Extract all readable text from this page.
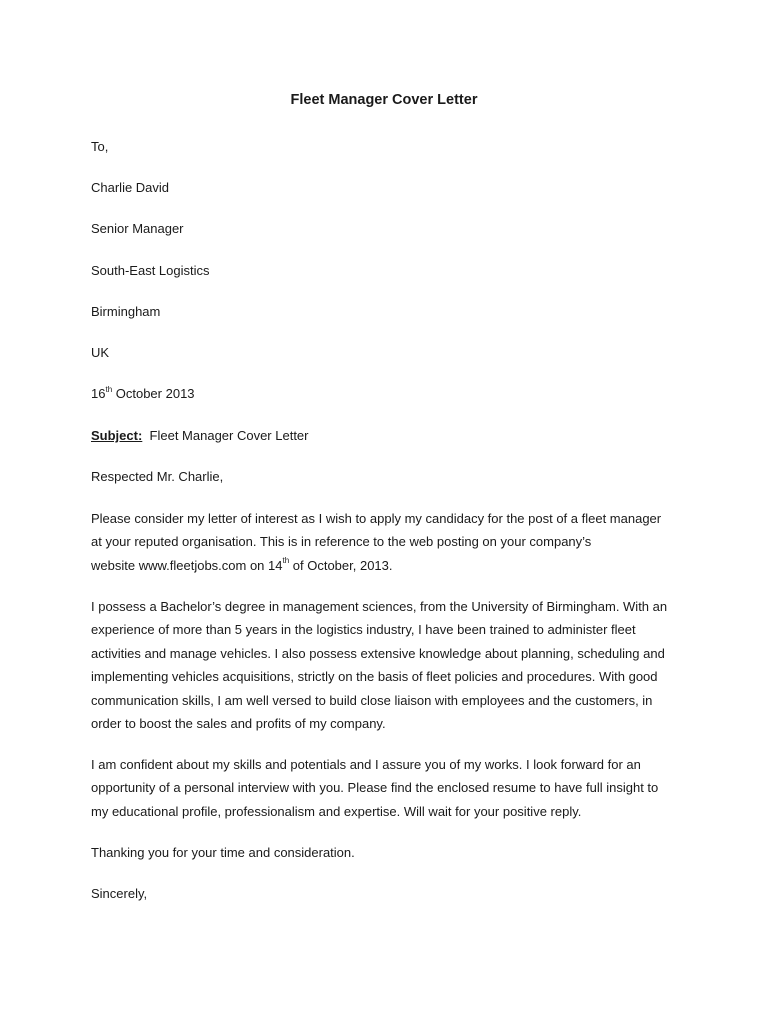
Fleet Manager Cover Letter
To,
Charlie David
Senior Manager
South-East Logistics
Birmingham
UK
16th October 2013
Subject: Fleet Manager Cover Letter
Respected Mr. Charlie,
Please consider my letter of interest as I wish to apply my candidacy for the post of a fleet manager
at your reputed organisation. This is in reference to the web posting on your company’s
website www.fleetjobs.com on 14th of October, 2013.
I possess a Bachelor’s degree in management sciences, from the University of Birmingham. With an
experience of more than 5 years in the logistics industry, I have been trained to administer fleet
activities and manage vehicles. I also possess extensive knowledge about planning, scheduling and
implementing vehicles acquisitions, strictly on the basis of fleet policies and procedures. With good
communication skills, I am well versed to build close liaison with employees and the customers, in
order to boost the sales and profits of my company.
I am confident about my skills and potentials and I assure you of my works. I look forward for an
opportunity of a personal interview with you. Please find the enclosed resume to have full insight to
my educational profile, professionalism and expertise. Will wait for your positive reply.
Thanking you for your time and consideration.
Sincerely,
